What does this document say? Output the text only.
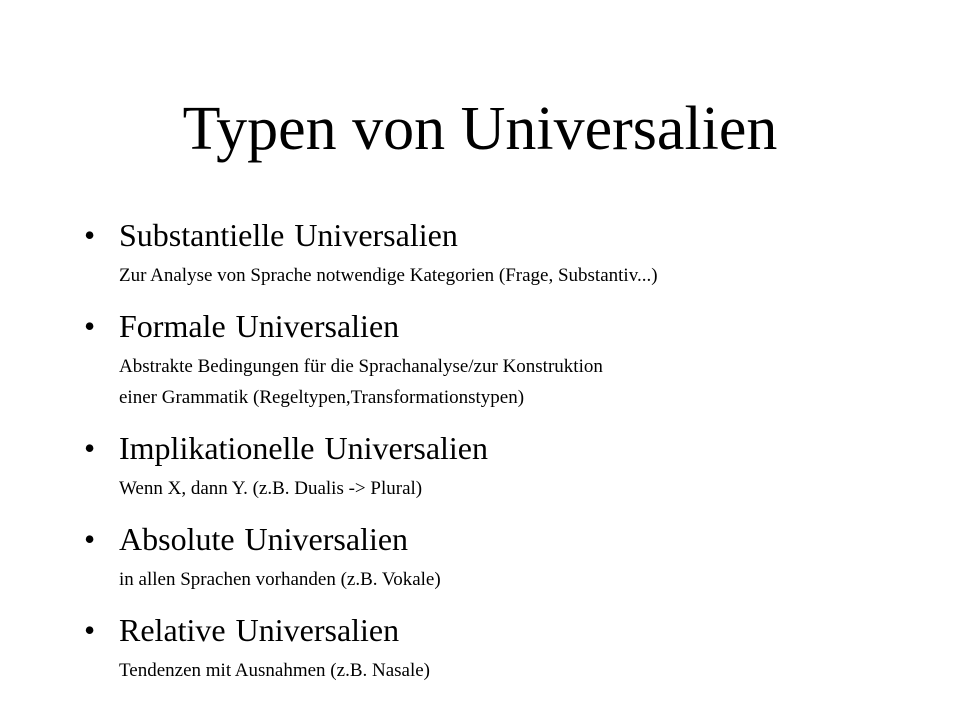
Typen von Universalien
• Substantielle Universalien
Zur Analyse von Sprache notwendige Kategorien (Frage, Substantiv...)
• Formale Universalien
Abstrakte Bedingungen für die Sprachanalyse/zur Konstruktion
einer Grammatik (Regeltypen,Transformationstypen)
• Implikationelle Universalien
Wenn X, dann Y. (z.B. Dualis -> Plural)
• Absolute Universalien
in allen Sprachen vorhanden (z.B. Vokale)
• Relative Universalien
Tendenzen mit Ausnahmen (z.B. Nasale)
